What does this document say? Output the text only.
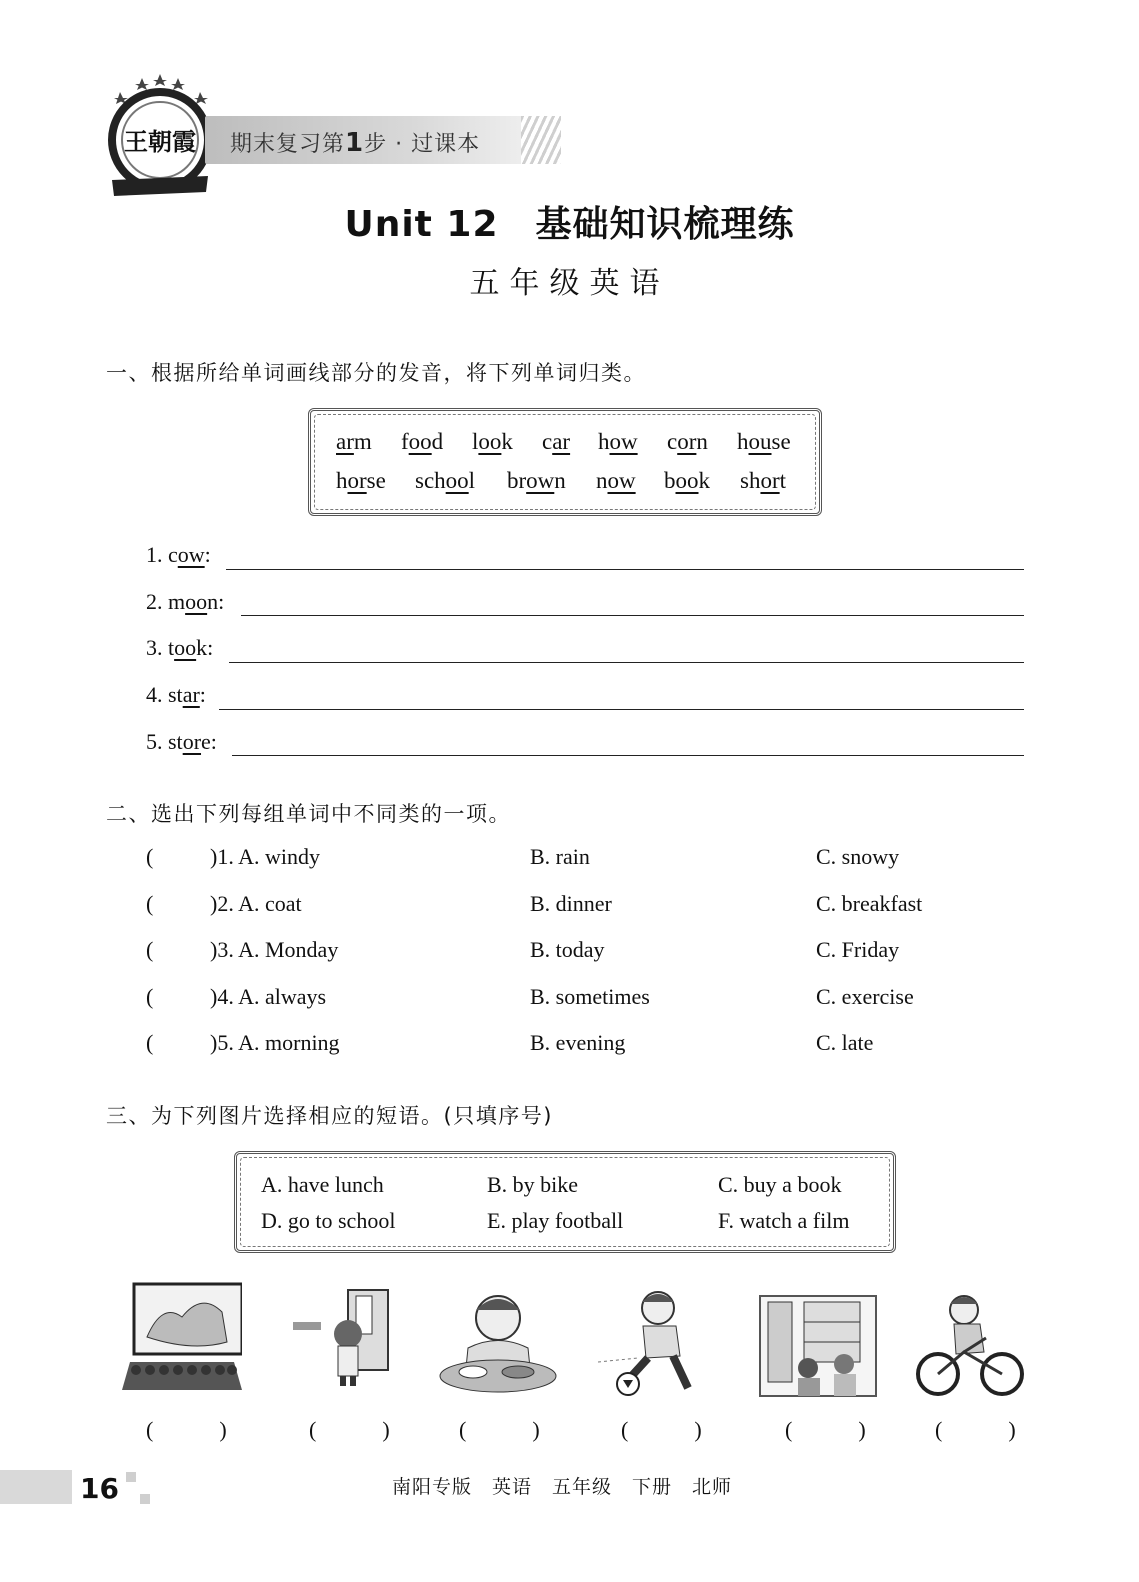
王朝霞 期末复习第1步 · 过课本
Unit 12　基础知识梳理练
五年级英语
一、根据所给单词画线部分的发音，将下列单词归类。
arm food look car how corn house
horse school brown now book short
1. cow:
2. moon:
3. took:
4. star:
5. store:
二、选出下列每组单词中不同类的一项。
(	)1. A. windy	B. rain	C. snowy
(	)2. A. coat	B. dinner	C. breakfast
(	)3. A. Monday	B. today	C. Friday
(	)4. A. always	B. sometimes	C. exercise
(	)5. A. morning	B. evening	C. late
三、为下列图片选择相应的短语。(只填序号)
A. have lunch	B. by bike	C. buy a book
D. go to school	E. play football	F. watch a film
(　　　)	(　　　)	(　　　)	(　　　)	(　　　)	(　　　)
16	南阳专版　英语　五年级　下册　北师
